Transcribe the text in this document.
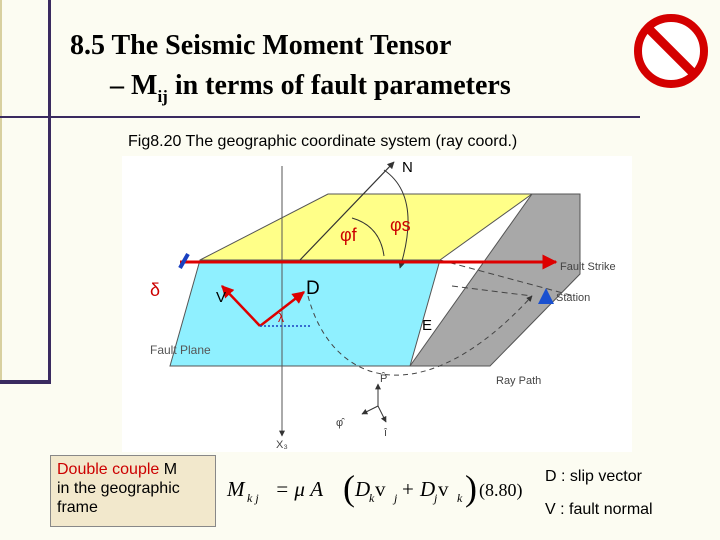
8.5 The Seismic Moment Tensor
– $M_{ij}$ in terms of fault parameters
Fig8.20 The geographic coordinate system (ray coord.)
N
φs
φf
Fault Strike
δ	V	D
λ
Station
E
Fault Plane
Ray Path
P̂
î
φ̂
X₃
Double couple M
in the geographic frame
M k j = μ A ( D
k v j + D
j v k ) (8.80)
D : slip vector
V : fault normal
